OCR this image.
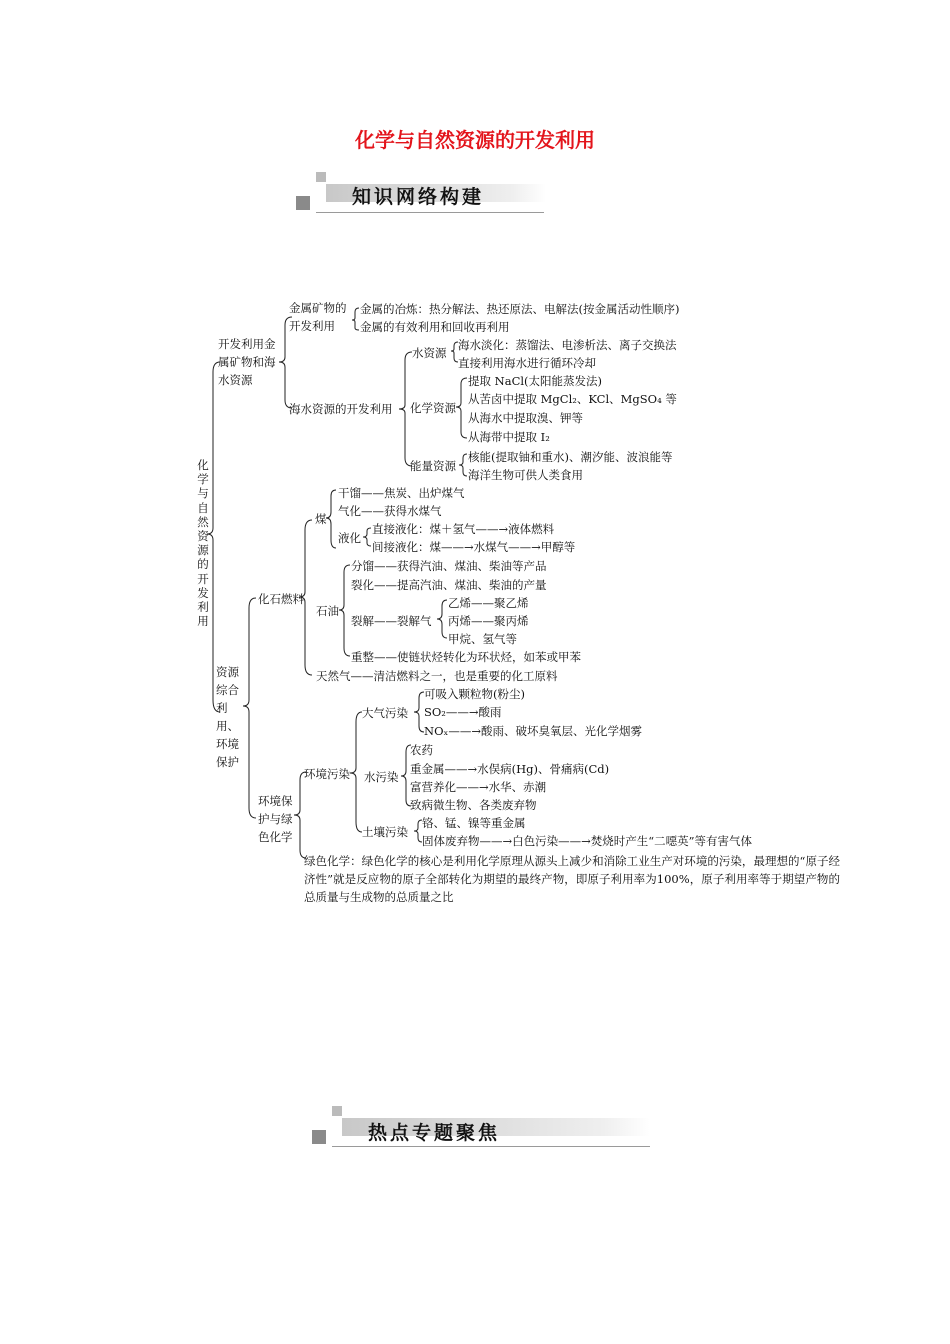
化学与自然资源的开发利用
知识网络构建
热点专题聚焦
化学与自然资源的开发利用
开发利用金属矿物和海水资源
金属矿物的开发利用
金属的冶炼：热分解法、热还原法、电解法(按金属活动性顺序)
金属的有效利用和回收再利用
海水资源的开发利用
水资源
海水淡化：蒸馏法、电渗析法、离子交换法
直接利用海水进行循环冷却
化学资源
提取 NaCl(太阳能蒸发法)
从苦卤中提取 MgCl₂、KCl、MgSO₄ 等
从海水中提取溴、钾等
从海带中提取 I₂
能量资源
核能(提取铀和重水)、潮汐能、波浪能等
海洋生物可供人类食用
资源综合利用、环境保护
化石燃料
煤
干馏——焦炭、出炉煤气
气化——获得水煤气
液化
直接液化：煤＋氢气——→液体燃料
间接液化：煤——→水煤气——→甲醇等
石油
分馏——获得汽油、煤油、柴油等产品
裂化——提高汽油、煤油、柴油的产量
裂解——裂解气
乙烯——聚乙烯
丙烯——聚丙烯
甲烷、氢气等
重整——使链状烃转化为环状烃，如苯或甲苯
天然气——清洁燃料之一，也是重要的化工原料
环境保护与绿色化学
环境污染
大气污染
可吸入颗粒物(粉尘)
SO₂——→酸雨
NOₓ——→酸雨、破坏臭氧层、光化学烟雾
水污染
农药
重金属——→水俣病(Hg)、骨痛病(Cd)
富营养化——→水华、赤潮
致病微生物、各类废弃物
土壤污染
铬、锰、镍等重金属
固体废弃物——→白色污染——→焚烧时产生“二噁英”等有害气体
绿色化学：绿色化学的核心是利用化学原理从源头上减少和消除工业生产对环境的污染，最理想的“原子经济性”就是反应物的原子全部转化为期望的最终产物，即原子利用率为100%，原子利用率等于期望产物的总质量与生成物的总质量之比
